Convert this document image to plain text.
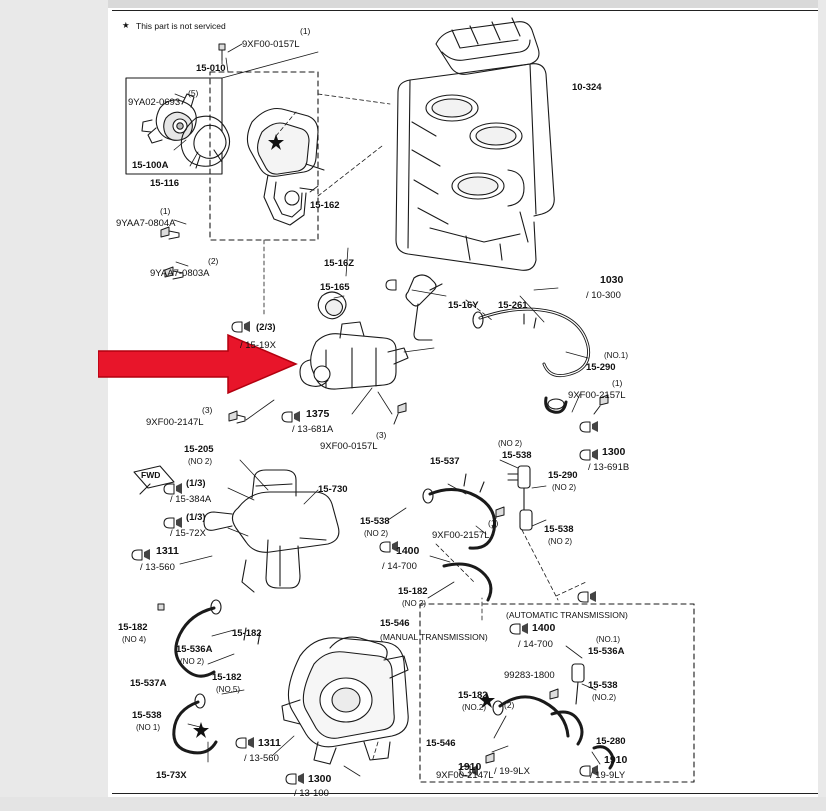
★ This part is not serviced	(1)
9XF00-0157L
15-010
(5)
9YA02-0693
15-100A
15-116
(1)
9YAA7-0804A
(2)
9YAA7-0803A
15-162
10-324
15-16Z
15-165
15-16Y 15-261
1030
/ 10-300
(2/3)
/ 15-19X
1375
/ 13-681A
(3)
9XF00-2147L
(3)
9XF00-0157L
(NO.1)
15-290
(1)
9XF00-2157L
1300
/ 13-691B
15-205
(NO 2)
(1/3)
/ 15-384A
(1/3)
/ 15-72X
1311
/ 13-560
15-730
15-537
(NO 2)
15-538
15-290
(NO 2)
15-538
(NO 2)
(1)
9XF00-2157L
15-538
(NO 2)
1400
/ 14-700
15-182
(NO 2)
15-546
(MANUAL TRANSMISSION)
(AUTOMATIC TRANSMISSION)
1400
/ 14-700	(NO.1)
15-536A
99283-1800
15-538
(NO.2)
15-182
(NO.2)
15-546
9XF00-2147L
(2)
1910 / 19-9LX
1910
/ 19-9LY
15-280
15-182
(NO 4)
15-182
15-536A
(NO 2)
15-537A
15-182
(NO.5)
15-538
(NO 1)
15-73X
1311
/ 13-560
1300
/ 13-100
FWD
